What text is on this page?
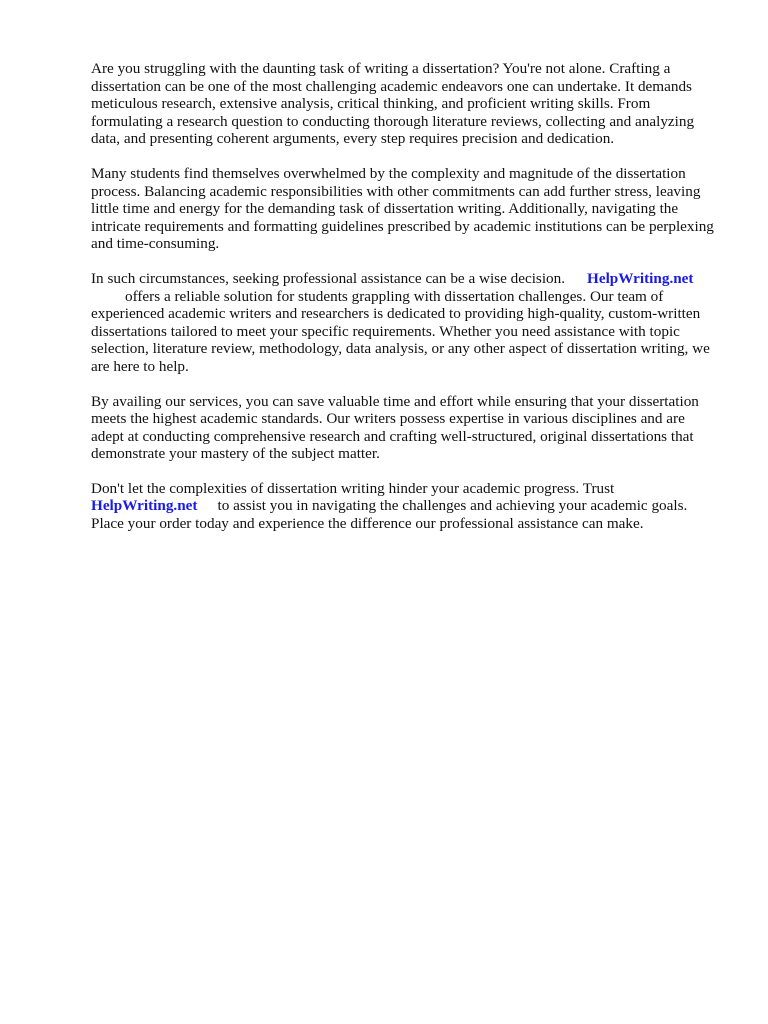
Are you struggling with the daunting task of writing a dissertation? You're not alone. Crafting a dissertation can be one of the most challenging academic endeavors one can undertake. It demands meticulous research, extensive analysis, critical thinking, and proficient writing skills. From formulating a research question to conducting thorough literature reviews, collecting and analyzing data, and presenting coherent arguments, every step requires precision and dedication.

Many students find themselves overwhelmed by the complexity and magnitude of the dissertation process. Balancing academic responsibilities with other commitments can add further stress, leaving little time and energy for the demanding task of dissertation writing. Additionally, navigating the intricate requirements and formatting guidelines prescribed by academic institutions can be perplexing and time-consuming.

In such circumstances, seeking professional assistance can be a wise decision. HelpWriting.net
offers a reliable solution for students grappling with dissertation challenges. Our team of experienced academic writers and researchers is dedicated to providing high-quality, custom-written dissertations tailored to meet your specific requirements. Whether you need assistance with topic selection, literature review, methodology, data analysis, or any other aspect of dissertation writing, we are here to help.

By availing our services, you can save valuable time and effort while ensuring that your dissertation meets the highest academic standards. Our writers possess expertise in various disciplines and are adept at conducting comprehensive research and crafting well-structured, original dissertations that demonstrate your mastery of the subject matter.

Don't let the complexities of dissertation writing hinder your academic progress. Trust
HelpWriting.net to assist you in navigating the challenges and achieving your academic goals. Place your order today and experience the difference our professional assistance can make.
